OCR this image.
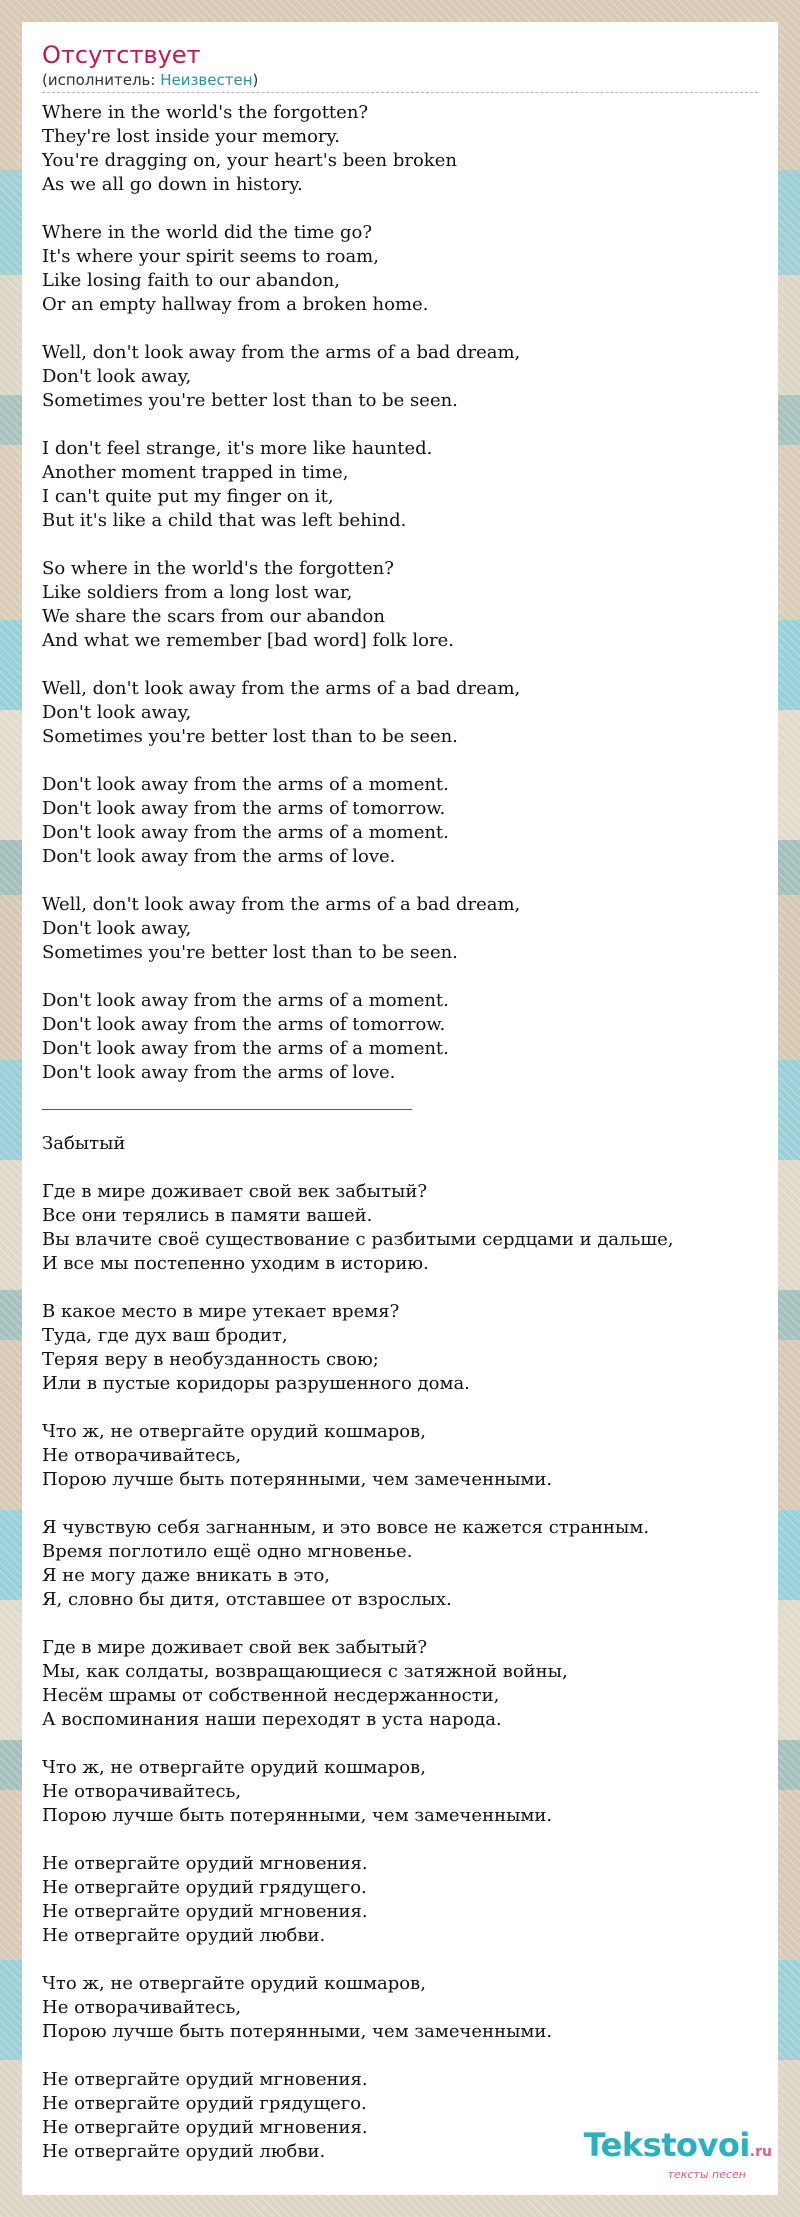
Отсутствует
(исполнитель: Неизвестен)
Where in the world's the forgotten?
They're lost inside your memory.
You're dragging on, your heart's been broken
As we all go down in history.
Where in the world did the time go?
It's where your spirit seems to roam,
Like losing faith to our abandon,
Or an empty hallway from a broken home.
Well, don't look away from the arms of a bad dream,
Don't look away,
Sometimes you're better lost than to be seen.
I don't feel strange, it's more like haunted.
Another moment trapped in time,
I can't quite put my finger on it,
But it's like a child that was left behind.
So where in the world's the forgotten?
Like soldiers from a long lost war,
We share the scars from our abandon
And what we remember [bad word] folk lore.
Well, don't look away from the arms of a bad dream,
Don't look away,
Sometimes you're better lost than to be seen.
Don't look away from the arms of a moment.
Don't look away from the arms of tomorrow.
Don't look away from the arms of a moment.
Don't look away from the arms of love.
Well, don't look away from the arms of a bad dream,
Don't look away,
Sometimes you're better lost than to be seen.
Don't look away from the arms of a moment.
Don't look away from the arms of tomorrow.
Don't look away from the arms of a moment.
Don't look away from the arms of love.
Забытый
Где в мире доживает свой век забытый?
Все они терялись в памяти вашей.
Вы влачите своё существование с разбитыми сердцами и дальше,
И все мы постепенно уходим в историю.
В какое место в мире утекает время?
Туда, где дух ваш бродит,
Теряя веру в необузданность свою;
Или в пустые коридоры разрушенного дома.
Что ж, не отвергайте орудий кошмаров,
Не отворачивайтесь,
Порою лучше быть потерянными, чем замеченными.
Я чувствую себя загнанным, и это вовсе не кажется странным.
Время поглотило ещё одно мгновенье.
Я не могу даже вникать в это,
Я, словно бы дитя, отставшее от взрослых.
Где в мире доживает свой век забытый?
Мы, как солдаты, возвращающиеся с затяжной войны,
Несём шрамы от собственной несдержанности,
А воспоминания наши переходят в уста народа.
Что ж, не отвергайте орудий кошмаров,
Не отворачивайтесь,
Порою лучше быть потерянными, чем замеченными.
Не отвергайте орудий мгновения.
Не отвергайте орудий грядущего.
Не отвергайте орудий мгновения.
Не отвергайте орудий любви.
Что ж, не отвергайте орудий кошмаров,
Не отворачивайтесь,
Порою лучше быть потерянными, чем замеченными.
Не отвергайте орудий мгновения.
Не отвергайте орудий грядущего.
Не отвергайте орудий мгновения.
Не отвергайте орудий любви.	Tekstovoi.ru
тексты песен
